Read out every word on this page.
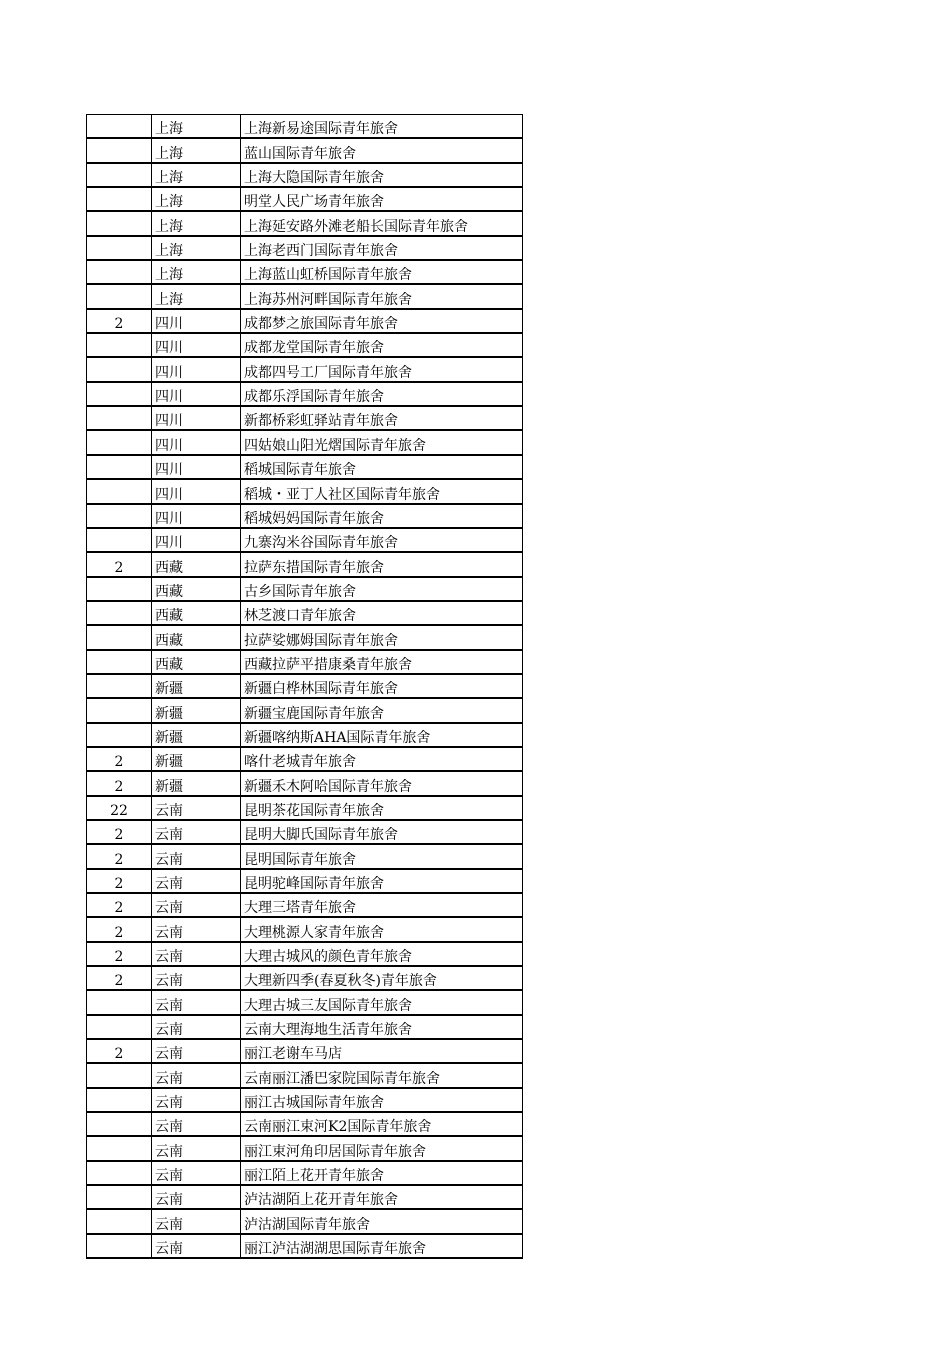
	上海	上海新易途国际青年旅舍
	上海	蓝山国际青年旅舍
	上海	上海大隐国际青年旅舍
	上海	明堂人民广场青年旅舍
	上海	上海延安路外滩老船长国际青年旅舍
	上海	上海老西门国际青年旅舍
	上海	上海蓝山虹桥国际青年旅舍
	上海	上海苏州河畔国际青年旅舍
2	四川	成都梦之旅国际青年旅舍
	四川	成都龙堂国际青年旅舍
	四川	成都四号工厂国际青年旅舍
	四川	成都乐浮国际青年旅舍
	四川	新都桥彩虹驿站青年旅舍
	四川	四姑娘山阳光熠国际青年旅舍
	四川	稻城国际青年旅舍
	四川	稻城・亚丁人社区国际青年旅舍
	四川	稻城妈妈国际青年旅舍
	四川	九寨沟米谷国际青年旅舍
2	西藏	拉萨东措国际青年旅舍
	西藏	古乡国际青年旅舍
	西藏	林芝渡口青年旅舍
	西藏	拉萨娑娜姆国际青年旅舍
	西藏	西藏拉萨平措康桑青年旅舍
	新疆	新疆白桦林国际青年旅舍
	新疆	新疆宝鹿国际青年旅舍
	新疆	新疆喀纳斯AHA国际青年旅舍
2	新疆	喀什老城青年旅舍
2	新疆	新疆禾木阿哈国际青年旅舍
22	云南	昆明茶花国际青年旅舍
2	云南	昆明大脚氏国际青年旅舍
2	云南	昆明国际青年旅舍
2	云南	昆明驼峰国际青年旅舍
2	云南	大理三塔青年旅舍
2	云南	大理桃源人家青年旅舍
2	云南	大理古城风的颜色青年旅舍
2	云南	大理新四季(春夏秋冬)青年旅舍
	云南	大理古城三友国际青年旅舍
	云南	云南大理海地生活青年旅舍
2	云南	丽江老谢车马店
	云南	云南丽江潘巴家院国际青年旅舍
	云南	丽江古城国际青年旅舍
	云南	云南丽江束河K2国际青年旅舍
	云南	丽江束河角印居国际青年旅舍
	云南	丽江陌上花开青年旅舍
	云南	泸沽湖陌上花开青年旅舍
	云南	泸沽湖国际青年旅舍
	云南	丽江泸沽湖湖思国际青年旅舍
